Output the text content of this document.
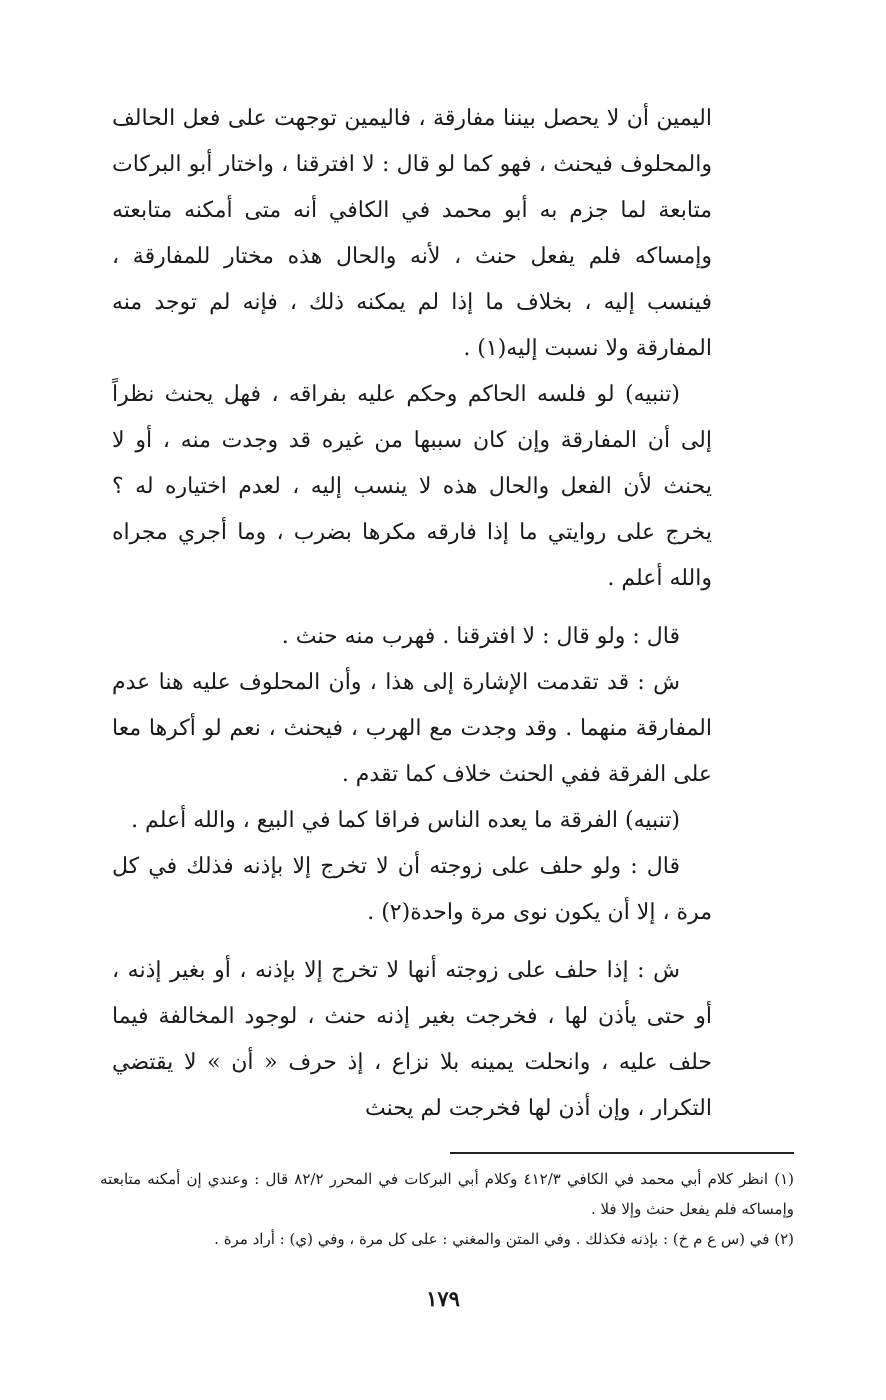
اليمين أن لا يحصل بيننا مفارقة ، فاليمين توجهت على فعل الحالف والمحلوف فيحنث ، فهو كما لو قال : لا افترقنا ، واختار أبو البركات متابعة لما جزم به أبو محمد في الكافي أنه متى أمكنه متابعته وإمساكه فلم يفعل حنث ، لأنه والحال هذه مختار للمفارقة ، فينسب إليه ، بخلاف ما إذا لم يمكنه ذلك ، فإنه لم توجد منه المفارقة ولا نسبت إليه(١) .

(تنبيه) لو فلسه الحاكم وحكم عليه بفراقه ، فهل يحنث نظراً إلى أن المفارقة وإن كان سببها من غيره قد وجدت منه ، أو لا يحنث لأن الفعل والحال هذه لا ينسب إليه ، لعدم اختياره له ؟ يخرج على روايتي ما إذا فارقه مكرها بضرب ، وما أجري مجراه والله أعلم .

قال : ولو قال : لا افترقنا . فهرب منه حنث .

ش : قد تقدمت الإشارة إلى هذا ، وأن المحلوف عليه هنا عدم المفارقة منهما . وقد وجدت مع الهرب ، فيحنث ، نعم لو أكرها معا على الفرقة ففي الحنث خلاف كما تقدم .

(تنبيه) الفرقة ما يعده الناس فراقا كما في البيع ، والله أعلم .

قال : ولو حلف على زوجته أن لا تخرج إلا بإذنه فذلك في كل مرة ، إلا أن يكون نوى مرة واحدة(٢) .

ش : إذا حلف على زوجته أنها لا تخرج إلا بإذنه ، أو بغير إذنه ، أو حتى يأذن لها ، فخرجت بغير إذنه حنث ، لوجود المخالفة فيما حلف عليه ، وانحلت يمينه بلا نزاع ، إذ حرف « أن » لا يقتضي التكرار ، وإن أذن لها فخرجت لم يحنث

(١) انظر كلام أبي محمد في الكافي ٤١٢/٣ وكلام أبي البركات في المحرر ٨٢/٢ قال : وعندي إن أمكنه متابعته وإمساكه فلم يفعل حنث وإلا فلا .

(٢) في (س ع م خ) : بإذنه فكذلك . وفي المتن والمغني : على كل مرة ، وفي (ي) : أراد مرة .

١٧٩
